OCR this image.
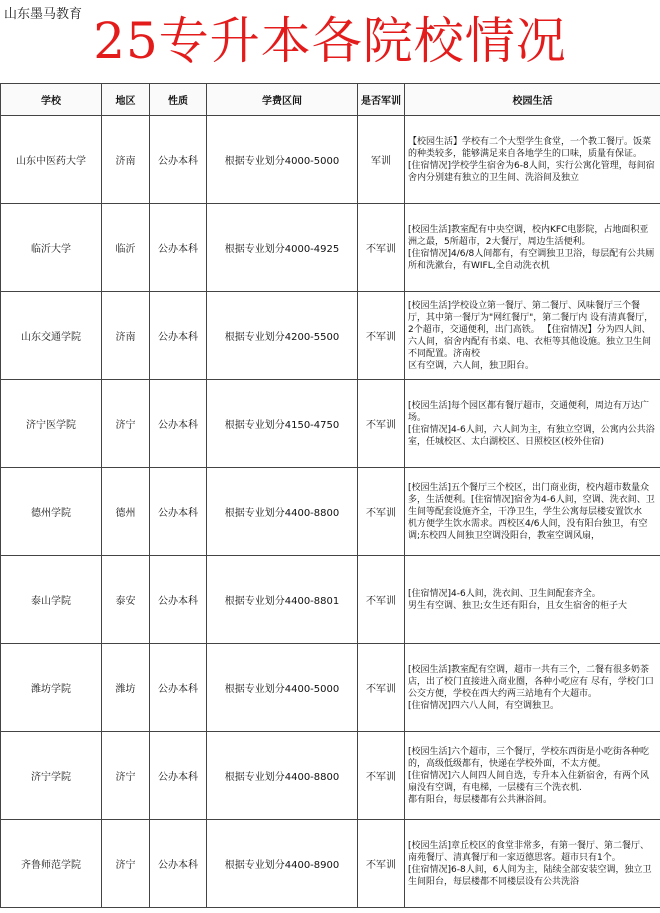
山东墨马教育 25专升本各院校情况
学校	地区	性质	学费区间	是否军训	校园生活
山东中医药大学	济南	公办本科	根据专业划分4000-5000	军训	【校园生活】学校有二个大型学生食堂，一个教工餐厅。饭菜的种类较多，能够满足来自各地学生的口味，质量有保证。
[住宿情况]学校学生宿舍为6-8人间，实行公寓化管理，每间宿舍内分别建有独立的卫生间、洗浴间及独立

临沂大学	临沂	公办本科	根据专业划分4000-4925	不军训	[校园生活]教室配有中央空调，校内KFC电影院，占地面积亚洲之最，5所超市，2大餐厅，周边生活便利。
[住宿情况]4/6/8人间都有，有空调独卫卫浴，每层配有公共厕所和洗漱台，有WIFL,全自动洗衣机

山东交通学院	济南	公办本科	根据专业划分4200-5500	不军训	[校园生活]学校设立第一餐厅、第二餐厅、风味餐厅三个餐厅，其中第一餐厅为"网红餐厅"，第二餐厅内 设有清真餐厅，2个超市，交通便利，出门高铁。 【住宿情况】分为四人间、六人间，宿舍内配有书桌、电、衣柜等其他设施。独立卫生间不同配置。济南校
区有空调，六人间，独卫阳台。

济宁医学院	济宁	公办本科	根据专业划分4150-4750	不军训	[校园生活]每个园区都有餐厅超市，交通便利，周边有万达广场。
[住宿情况]4-6人间，六人间为主，有独立空调，公寓内公共浴室，任城校区、太白湖校区、日照校区(校外住宿)

德州学院	德州	公办本科	根据专业划分4400-8800	不军训	[校园生活]五个餐厅三个校区，出门商业街，校内超市数量众多，生活便利。[住宿情况]宿舍为4-6人间，空调、洗衣间、卫生间等配套设施齐全，干净卫生，学生公寓每层楼安置饮水
机方便学生饮水需求。西校区4/6人间，没有阳台独卫，有空调;东校四人间独卫空调没阳台，教室空调风扇，

泰山学院	泰安	公办本科	根据专业划分4400-8801	不军训	[住宿情况]4-6人间，洗衣间、卫生间配套齐全。
男生有空调、独卫;女生还有阳台，且女生宿舍的柜子大

潍坊学院	潍坊	公办本科	根据专业划分4400-5000	不军训	[校园生活]教室配有空调，超市一共有三个，二餐有很多奶茶店，出了校门直接进入商业圈，各种小吃应有 尽有，学校门口公交方便，学校在西大约两三站地有个大超市。
[住宿情况]四六八人间，有空调独卫。

济宁学院	济宁	公办本科	根据专业划分4400-8800	不军训	[校园生活]六个超市，三个餐厅，学校东西街是小吃街各种吃的，高级低级都有，快递在学校外面，不太方便。
[住宿情况]六人间四人间自选，专升本入住新宿舍，有两个风扇没有空调，有电梯，一层楼有三个洗衣机.
都有阳台，每层楼都有公共淋浴间。

齐鲁师范学院	济宁	公办本科	根据专业划分4400-8900	不军训	[校园生活]章丘校区的食堂非常多，有第一餐厅、第二餐厅、南苑餐厅、清真餐厅和一家迈德思客。超市只有1个。
[住宿情况]6-8人间，6人间为主，陆续全部安装空调，独立卫生间阳台，每层楼都不同楼层设有公共洗浴
